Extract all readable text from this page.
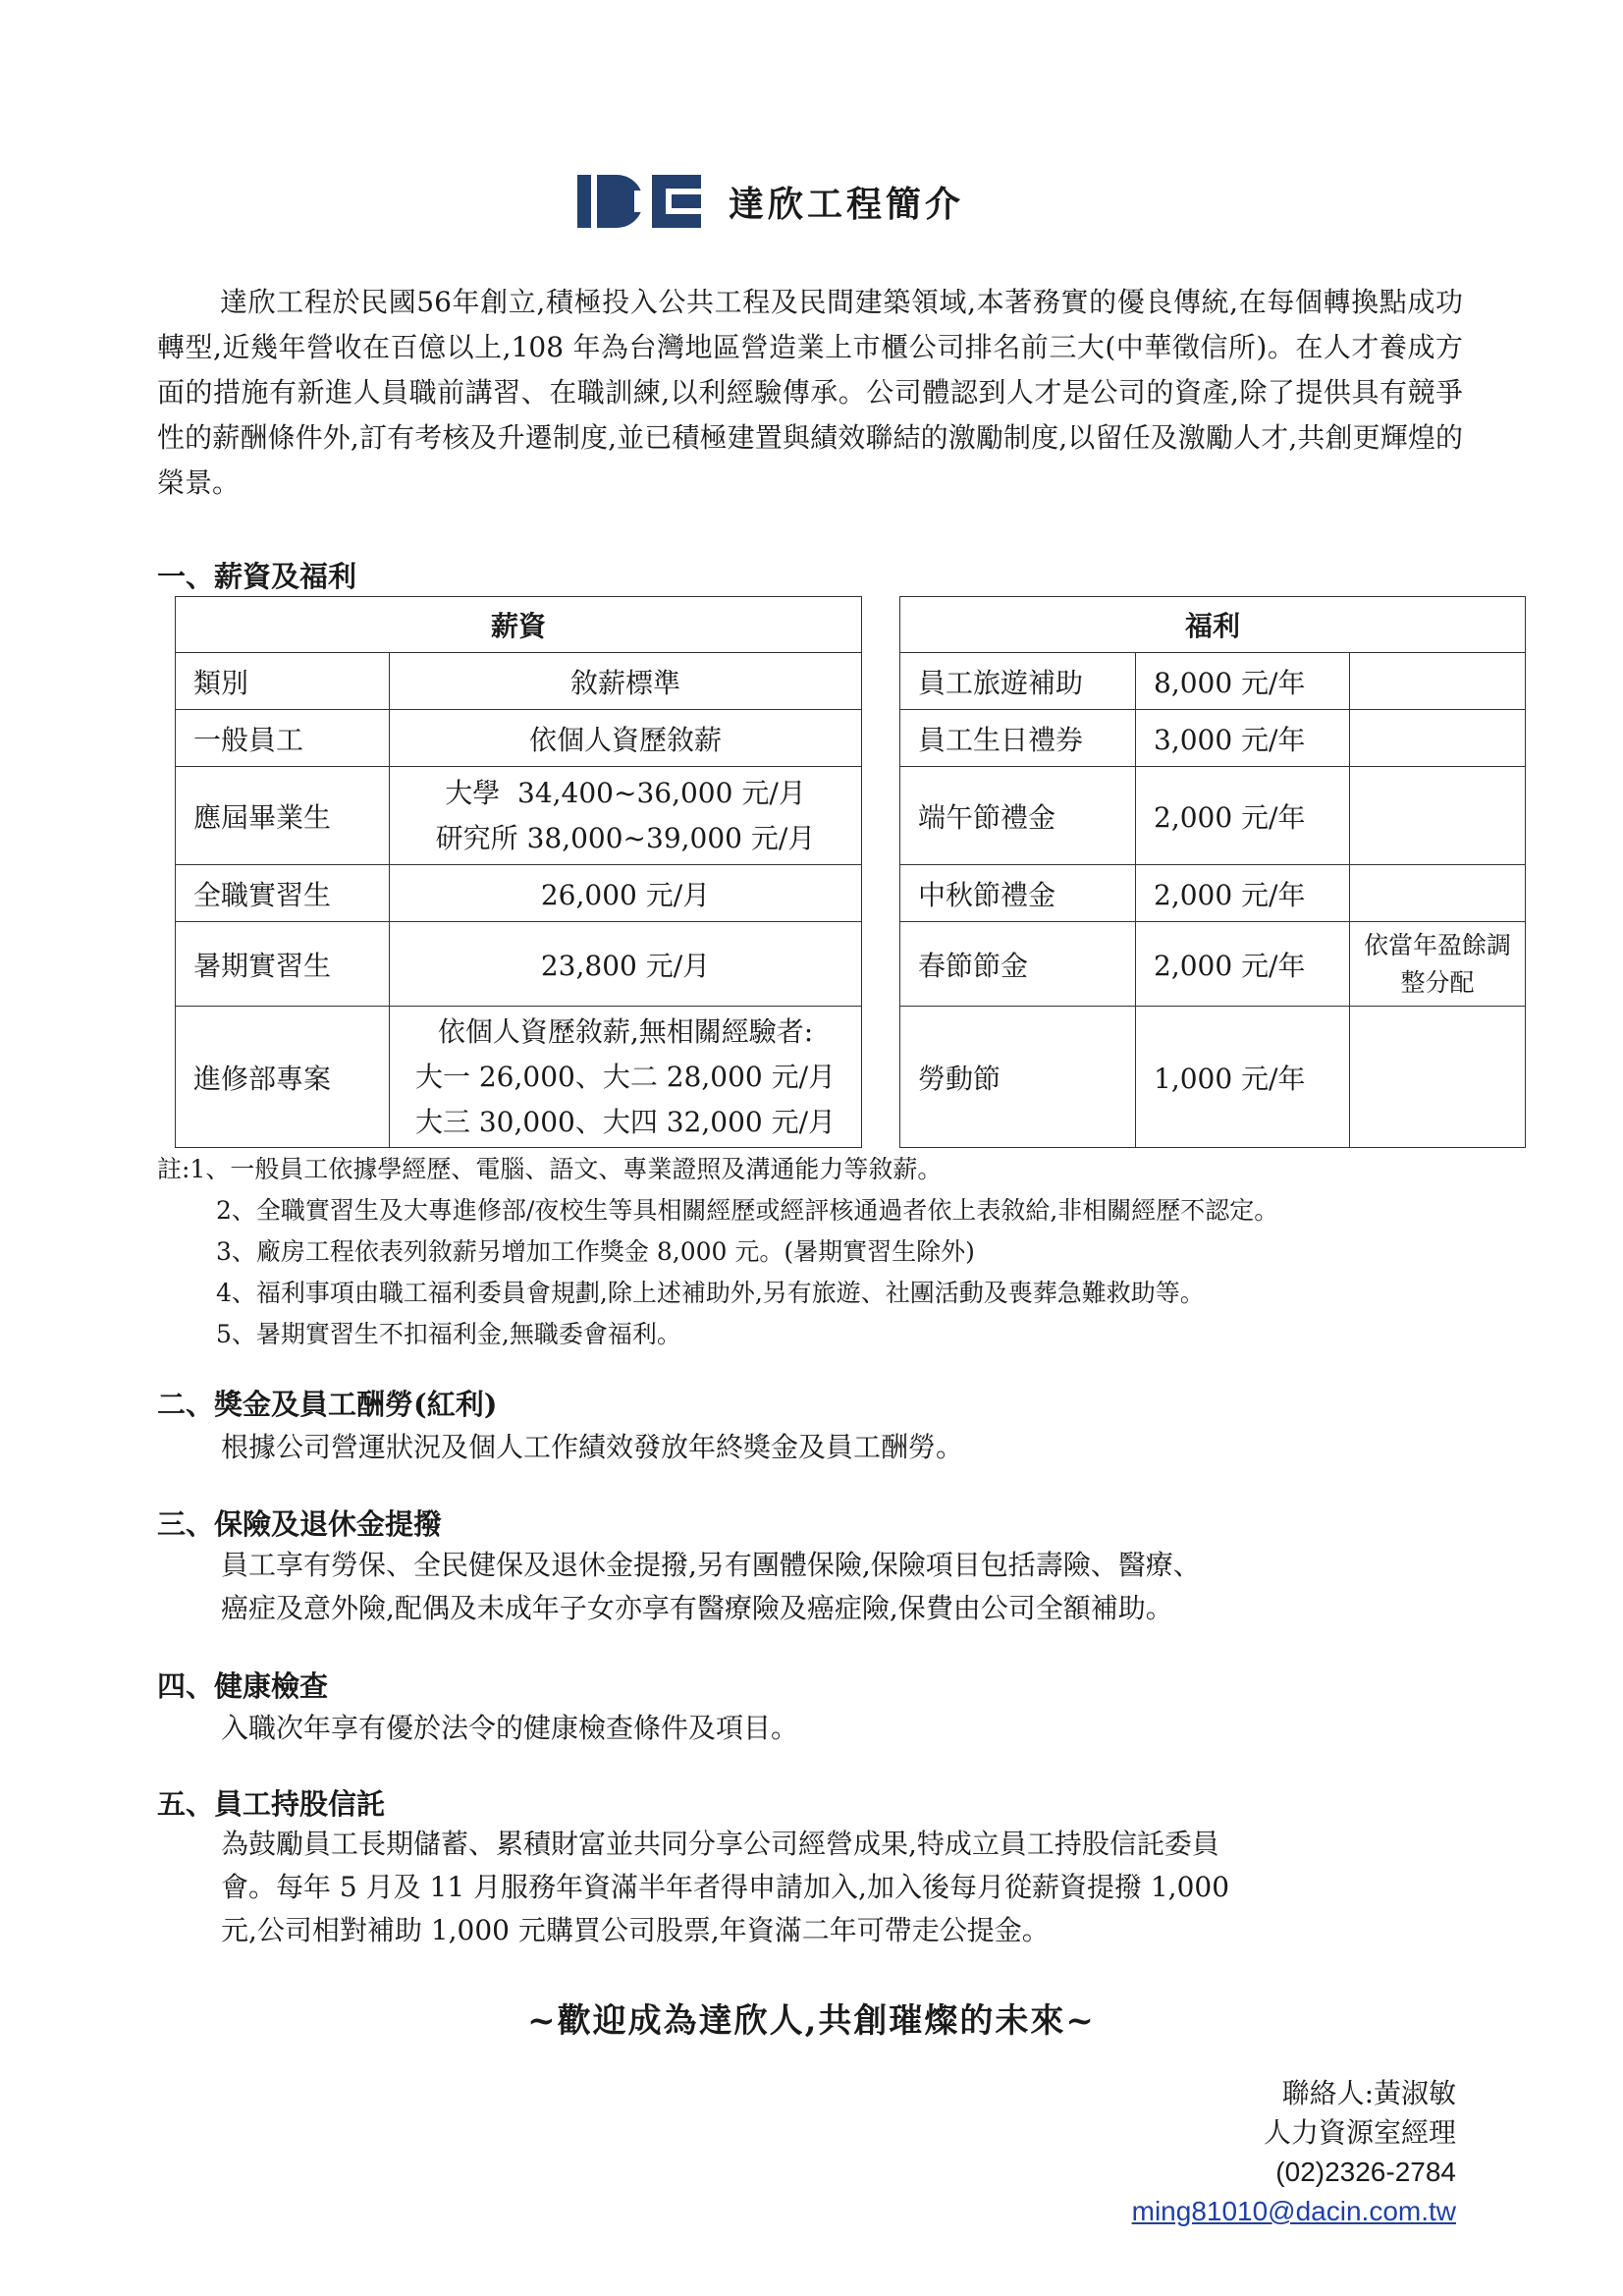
達欣工程簡介
達欣工程於民國56年創立,積極投入公共工程及民間建築領域,本著務實的優良傳統,在每個轉換點成功轉型,近幾年營收在百億以上,108 年為台灣地區營造業上市櫃公司排名前三大(中華徵信所)。在人才養成方面的措施有新進人員職前講習、在職訓練,以利經驗傳承。公司體認到人才是公司的資產,除了提供具有競爭性的薪酬條件外,訂有考核及升遷制度,並已積極建置與績效聯結的激勵制度,以留任及激勵人才,共創更輝煌的榮景。
一、薪資及福利
薪資	
類別	敘薪標準
一般員工	依個人資歷敘薪
應屆畢業生	大學  34,400~36,000 元/月
研究所 38,000~39,000 元/月

全職實習生	26,000 元/月
暑期實習生	23,800 元/月
進修部專案	依個人資歷敘薪,無相關經驗者:
大一 26,000、大二 28,000 元/月
大三 30,000、大四 32,000 元/月
福利		
員工旅遊補助	8,000 元/年	
員工生日禮券	3,000 元/年	
端午節禮金	2,000 元/年	
中秋節禮金	2,000 元/年	
春節節金	2,000 元/年	依當年盈餘調整分配
勞動節	1,000 元/年	
註:1、一般員工依據學經歷、電腦、語文、專業證照及溝通能力等敘薪。
2、全職實習生及大專進修部/夜校生等具相關經歷或經評核通過者依上表敘給,非相關經歷不認定。
3、廠房工程依表列敘薪另增加工作獎金 8,000 元。(暑期實習生除外)
4、福利事項由職工福利委員會規劃,除上述補助外,另有旅遊、社團活動及喪葬急難救助等。
5、暑期實習生不扣福利金,無職委會福利。
二、獎金及員工酬勞(紅利)
根據公司營運狀況及個人工作績效發放年終獎金及員工酬勞。
三、保險及退休金提撥
員工享有勞保、全民健保及退休金提撥,另有團體保險,保險項目包括壽險、醫療、
癌症及意外險,配偶及未成年子女亦享有醫療險及癌症險,保費由公司全額補助。
四、健康檢查
入職次年享有優於法令的健康檢查條件及項目。
五、員工持股信託
為鼓勵員工長期儲蓄、累積財富並共同分享公司經營成果,特成立員工持股信託委員
會。每年 5 月及 11 月服務年資滿半年者得申請加入,加入後每月從薪資提撥 1,000
元,公司相對補助 1,000 元購買公司股票,年資滿二年可帶走公提金。
~歡迎成為達欣人,共創璀燦的未來~
聯絡人:黃淑敏
人力資源室經理
(02)2326-2784
ming81010@dacin.com.tw
